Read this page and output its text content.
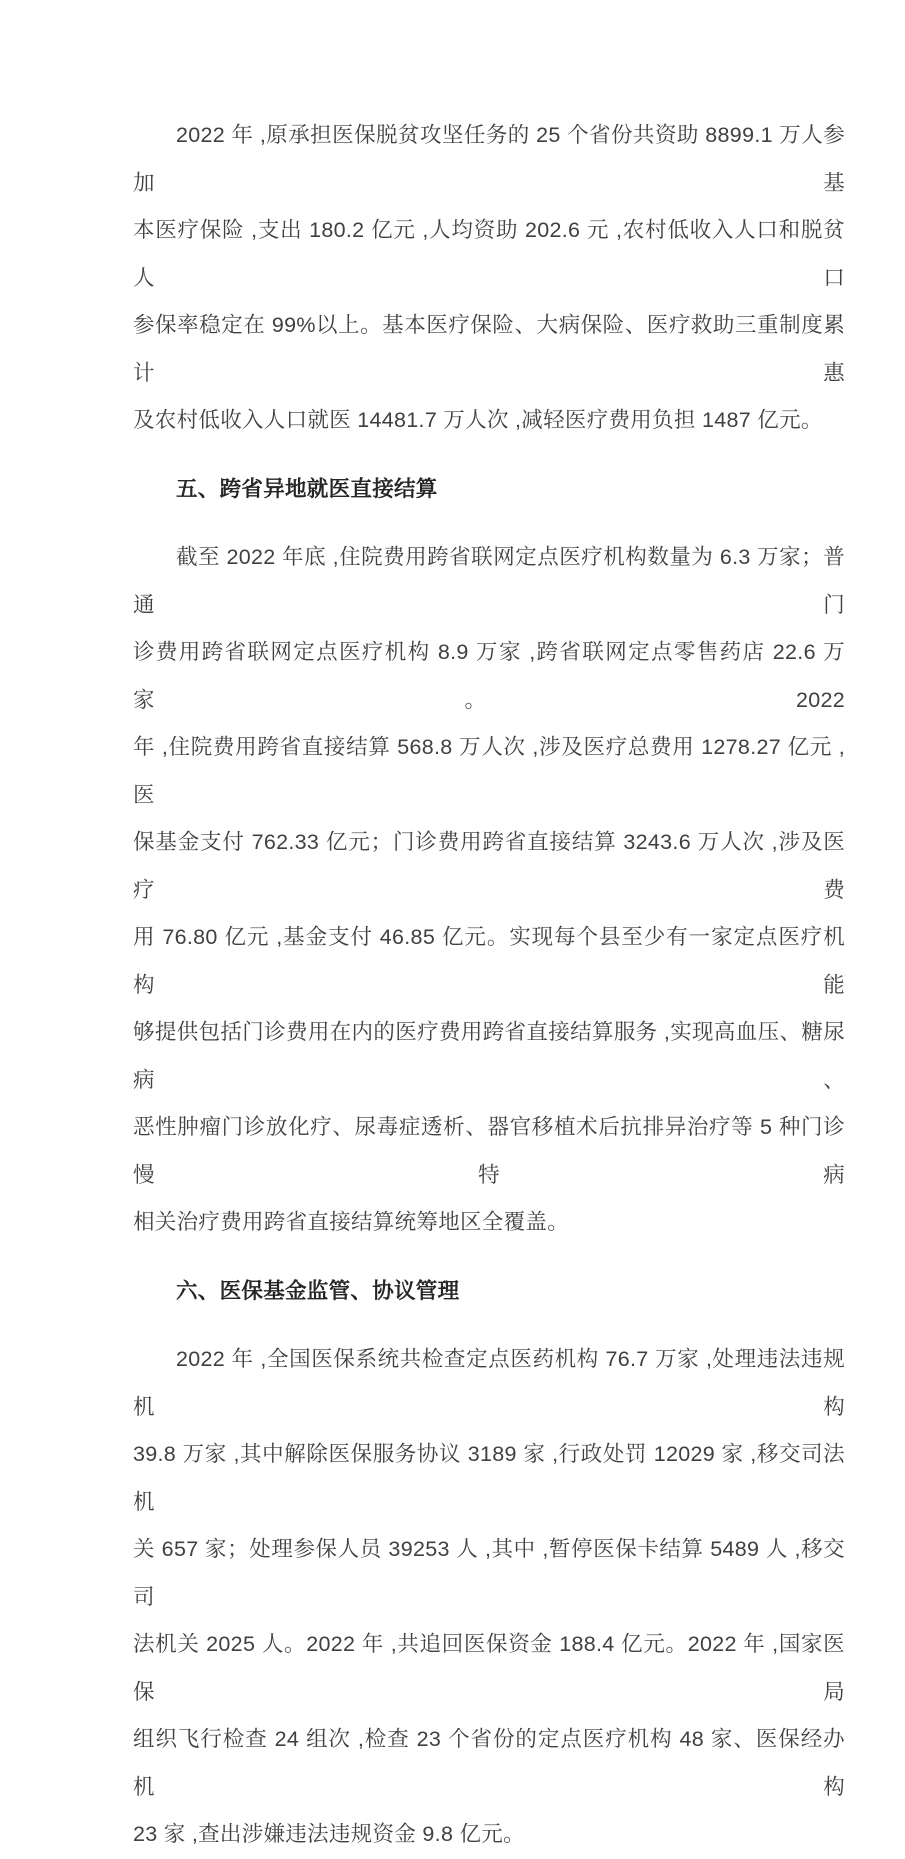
2022 年 ,原承担医保脱贫攻坚任务的 25 个省份共资助 8899.1 万人参加基
本医疗保险 ,支出 180.2 亿元 ,人均资助 202.6 元 ,农村低收入人口和脱贫人口
参保率稳定在 99%以上。基本医疗保险、大病保险、医疗救助三重制度累计惠
及农村低收入人口就医 14481.7 万人次 ,减轻医疗费用负担 1487 亿元。
五、跨省异地就医直接结算
截至 2022 年底 ,住院费用跨省联网定点医疗机构数量为 6.3 万家；普通门
诊费用跨省联网定点医疗机构 8.9 万家 ,跨省联网定点零售药店 22.6 万家。2022
年 ,住院费用跨省直接结算 568.8 万人次 ,涉及医疗总费用 1278.27 亿元 ,医
保基金支付 762.33 亿元；门诊费用跨省直接结算 3243.6 万人次 ,涉及医疗费
用 76.80 亿元 ,基金支付 46.85 亿元。实现每个县至少有一家定点医疗机构能
够提供包括门诊费用在内的医疗费用跨省直接结算服务 ,实现高血压、糖尿病、
恶性肿瘤门诊放化疗、尿毒症透析、器官移植术后抗排异治疗等 5 种门诊慢特病
相关治疗费用跨省直接结算统筹地区全覆盖。
六、医保基金监管、协议管理
2022 年 ,全国医保系统共检查定点医药机构 76.7 万家 ,处理违法违规机构
39.8 万家 ,其中解除医保服务协议 3189 家 ,行政处罚 12029 家 ,移交司法机
关 657 家；处理参保人员 39253 人 ,其中 ,暂停医保卡结算 5489 人 ,移交司
法机关 2025 人。2022 年 ,共追回医保资金 188.4 亿元。2022 年 ,国家医保局
组织飞行检查 24 组次 ,检查 23 个省份的定点医疗机构 48 家、医保经办机构
23 家 ,查出涉嫌违法违规资金 9.8 亿元。
